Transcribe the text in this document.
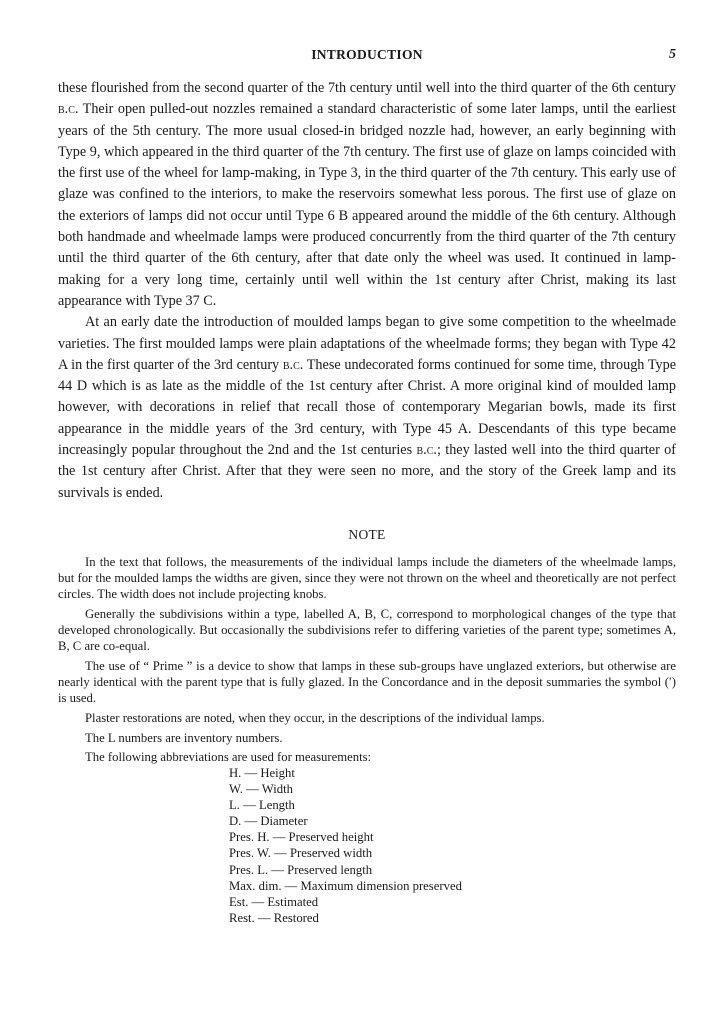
INTRODUCTION	5

these flourished from the second quarter of the 7th century until well into the third quarter of the 6th century b.c. Their open pulled-out nozzles remained a standard characteristic of some later lamps, until the earliest years of the 5th century. The more usual closed-in bridged nozzle had, however, an early beginning with Type 9, which appeared in the third quarter of the 7th century. The first use of glaze on lamps coincided with the first use of the wheel for lamp-making, in Type 3, in the third quarter of the 7th century. This early use of glaze was confined to the interiors, to make the reservoirs somewhat less porous. The first use of glaze on the exteriors of lamps did not occur until Type 6 B appeared around the middle of the 6th century. Although both handmade and wheelmade lamps were produced concurrently from the third quarter of the 7th century until the third quarter of the 6th century, after that date only the wheel was used. It continued in lamp-making for a very long time, certainly until well within the 1st century after Christ, making its last appearance with Type 37 C.

At an early date the introduction of moulded lamps began to give some competition to the wheelmade varieties. The first moulded lamps were plain adaptations of the wheelmade forms; they began with Type 42 A in the first quarter of the 3rd century b.c. These undecorated forms continued for some time, through Type 44 D which is as late as the middle of the 1st century after Christ. A more original kind of moulded lamp however, with decorations in relief that recall those of contemporary Megarian bowls, made its first appearance in the middle years of the 3rd century, with Type 45 A. Descendants of this type became increasingly popular throughout the 2nd and the 1st centuries b.c.; they lasted well into the third quarter of the 1st century after Christ. After that they were seen no more, and the story of the Greek lamp and its survivals is ended.

NOTE

In the text that follows, the measurements of the individual lamps include the diameters of the wheelmade lamps, but for the moulded lamps the widths are given, since they were not thrown on the wheel and theoretically are not perfect circles. The width does not include projecting knobs.

Generally the subdivisions within a type, labelled A, B, C, correspond to morphological changes of the type that developed chronologically. But occasionally the subdivisions refer to differing varieties of the parent type; sometimes A, B, C are co-equal.

The use of “ Prime ” is a device to show that lamps in these sub-groups have unglazed exteriors, but otherwise are nearly identical with the parent type that is fully glazed. In the Concordance and in the deposit summaries the symbol (′) is used.

Plaster restorations are noted, when they occur, in the descriptions of the individual lamps.

The L numbers are inventory numbers.

The following abbreviations are used for measurements:

H. — Height
W. — Width
L. — Length
D. — Diameter
Pres. H. — Preserved height
Pres. W. — Preserved width
Pres. L. — Preserved length
Max. dim. — Maximum dimension preserved
Est. — Estimated
Rest. — Restored
